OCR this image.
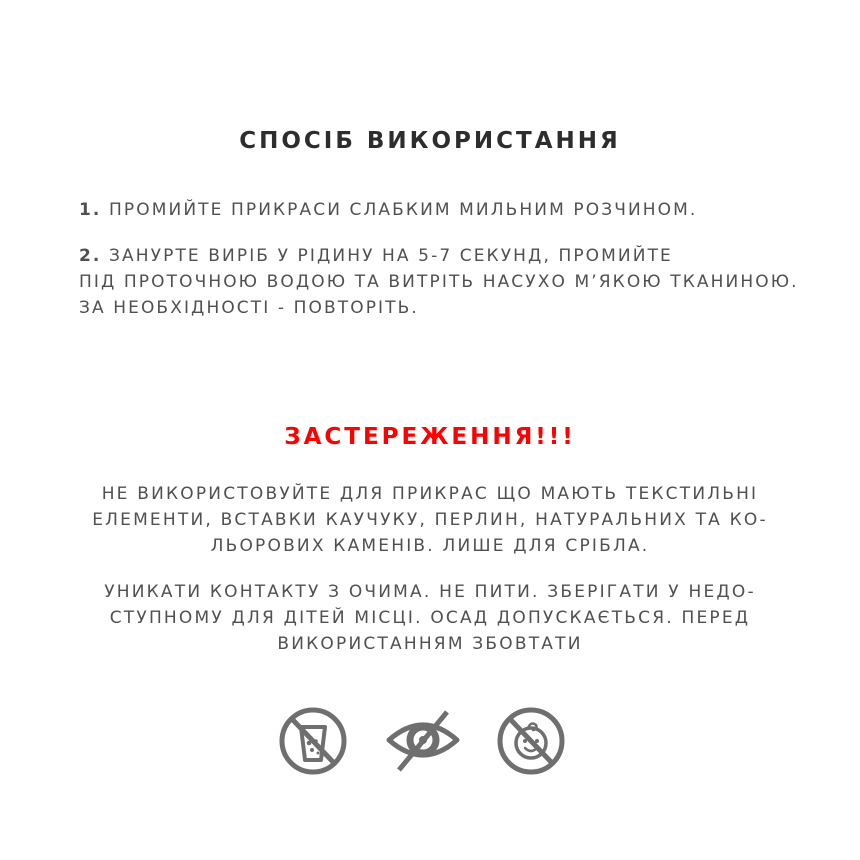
СПОСІБ ВИКОРИСТАННЯ

1. ПРОМИЙТЕ ПРИКРАСИ СЛАБКИМ МИЛЬНИМ РОЗЧИНОМ.

2. ЗАНУРТЕ ВИРІБ У РІДИНУ НА 5-7 СЕКУНД, ПРОМИЙТЕ
ПІД ПРОТОЧНОЮ ВОДОЮ ТА ВИТРІТЬ НАСУХО М’ЯКОЮ ТКАНИНОЮ.
ЗА НЕОБХІДНОСТІ - ПОВТОРІТЬ.

ЗАСТЕРЕЖЕННЯ!!!

НЕ ВИКОРИСТОВУЙТЕ ДЛЯ ПРИКРАС ЩО МАЮТЬ ТЕКСТИЛЬНІ
ЕЛЕМЕНТИ, ВСТАВКИ КАУЧУКУ, ПЕРЛИН, НАТУРАЛЬНИХ ТА КО-
ЛЬОРОВИХ КАМЕНІВ. ЛИШЕ ДЛЯ СРІБЛА.

УНИКАТИ КОНТАКТУ З ОЧИМА. НЕ ПИТИ. ЗБЕРІГАТИ У НЕДО-
СТУПНОМУ ДЛЯ ДІТЕЙ МІСЦІ. ОСАД ДОПУСКАЄТЬСЯ. ПЕРЕД
ВИКОРИСТАННЯМ ЗБОВТАТИ
